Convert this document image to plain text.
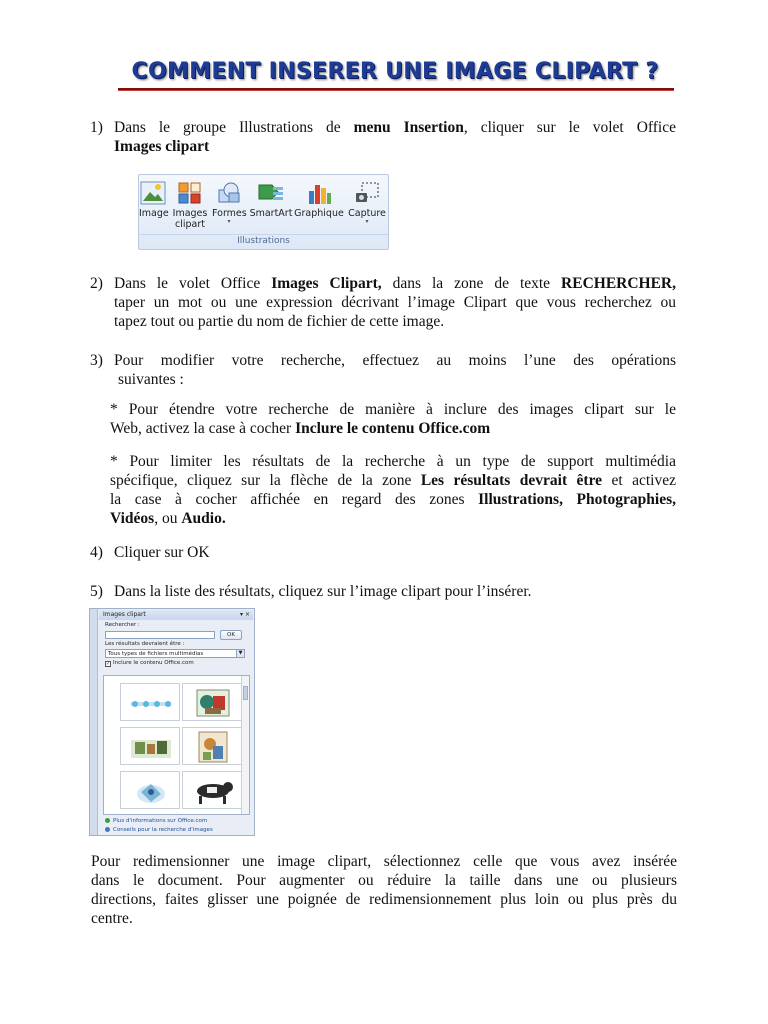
COMMENT INSERER UNE IMAGE CLIPART ?
1) Dans le groupe Illustrations de menu Insertion, cliquer sur le volet Office
Images clipart
Image Images
clipart
Formes
▾
SmartArt Graphique Capture
▾
Illustrations
2) Dans le volet Office Images Clipart, dans la zone de texte RECHERCHER,
taper un mot ou une expression décrivant l’image Clipart que vous recherchez ou
tapez tout ou partie du nom de fichier de cette image.
3) Pour modifier votre recherche, effectuez au moins l’une des opérations
suivantes :
* Pour étendre votre recherche de manière à inclure des images clipart sur le
Web, activez la case à cocher Inclure le contenu Office.com
* Pour limiter les résultats de la recherche à un type de support multimédia
spécifique, cliquez sur la flèche de la zone Les résultats devrait être et activez
la case à cocher affichée en regard des zones Illustrations, Photographies,
Vidéos, ou Audio.
4) Cliquer sur OK
5) Dans la liste des résultats, cliquez sur l’image clipart pour l’insérer.
Images clipart	▾ ×
Rechercher :
OK
Les résultats devraient être :
Tous types de fichiers multimédias	▼
✓ Inclure le contenu Office.com
Plus d'informations sur Office.com
Conseils pour la recherche d'images
Pour redimensionner une image clipart, sélectionnez celle que vous avez insérée
dans le document. Pour augmenter ou réduire la taille dans une ou plusieurs
directions, faites glisser une poignée de redimensionnement plus loin ou plus près du
centre.
